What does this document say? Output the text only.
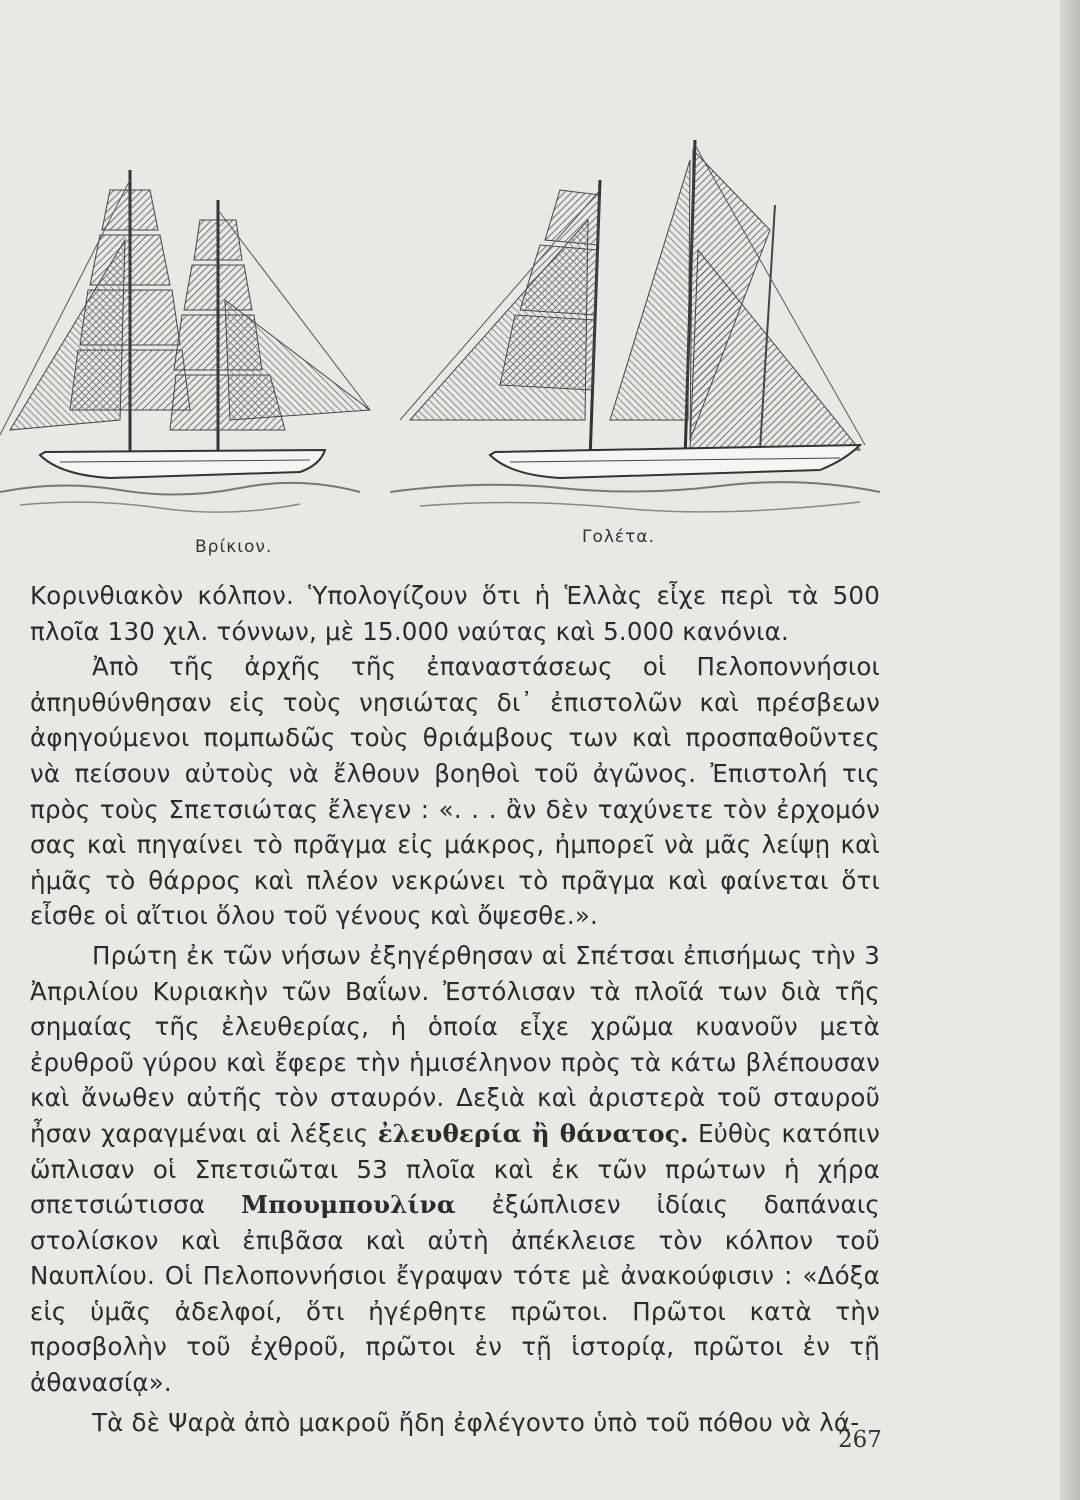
Βρίκιον.	Γολέτα.

Κορινθιακὸν κόλπον. Ὑπολογίζουν ὅτι ἡ Ἑλλὰς εἶχε περὶ τὰ 500 πλοῖα 130 χιλ. τόννων, μὲ 15.000 ναύτας καὶ 5.000 κανόνια.

Ἀπὸ τῆς ἀρχῆς τῆς ἐπαναστάσεως οἱ Πελοποννήσιοι ἀπηυθύνθησαν εἰς τοὺς νησιώτας δι᾽ ἐπιστολῶν καὶ πρέσβεων ἀφηγούμενοι πομπωδῶς τοὺς θριάμβους των καὶ προσπαθοῦντες νὰ πείσουν αὐτοὺς νὰ ἔλθουν βοηθοὶ τοῦ ἀγῶνος. Ἐπιστολή τις πρὸς τοὺς Σπετσιώτας ἔλεγεν : «. . . ἂν δὲν ταχύνετε τὸν ἐρχομόν σας καὶ πηγαίνει τὸ πρᾶγμα εἰς μάκρος, ἠμπορεῖ νὰ μᾶς λείψῃ καὶ ἡμᾶς τὸ θάρρος καὶ πλέον νεκρώνει τὸ πρᾶγμα καὶ φαίνεται ὅτι εἶσθε οἱ αἴτιοι ὅλου τοῦ γένους καὶ ὄψεσθε.».

Πρώτη ἐκ τῶν νήσων ἐξηγέρθησαν αἱ Σπέτσαι ἐπισήμως τὴν 3 Ἀπριλίου Κυριακὴν τῶν Βαΐων. Ἐστόλισαν τὰ πλοῖά των διὰ τῆς σημαίας τῆς ἐλευθερίας, ἡ ὁποία εἶχε χρῶμα κυανοῦν μετὰ ἐρυθροῦ γύρου καὶ ἔφερε τὴν ἡμισέληνον πρὸς τὰ κάτω βλέπουσαν καὶ ἄνωθεν αὐτῆς τὸν σταυρόν. Δεξιὰ καὶ ἀριστερὰ τοῦ σταυροῦ ἦσαν χαραγμέναι αἱ λέξεις ἐλευθερία ἢ θάνατος. Εὐθὺς κατόπιν ὥπλισαν οἱ Σπετσιῶται 53 πλοῖα καὶ ἐκ τῶν πρώτων ἡ χήρα σπετσιώτισσα Μπουμπουλίνα ἐξώπλισεν ἰδίαις δαπάναις στολίσκον καὶ ἐπιβᾶσα καὶ αὐτὴ ἀπέκλεισε τὸν κόλπον τοῦ Ναυπλίου. Οἱ Πελοποννήσιοι ἔγραψαν τότε μὲ ἀνακούφισιν : «Δόξα εἰς ὑμᾶς ἀδελφοί, ὅτι ἠγέρθητε πρῶτοι. Πρῶτοι κατὰ τὴν προσβολὴν τοῦ ἐχθροῦ, πρῶτοι ἐν τῇ ἱστορίᾳ, πρῶτοι ἐν τῇ ἀθανασίᾳ».

Τὰ δὲ Ψαρὰ ἀπὸ μακροῦ ἤδη ἐφλέγοντο ὑπὸ τοῦ πόθου νὰ λά-

267
